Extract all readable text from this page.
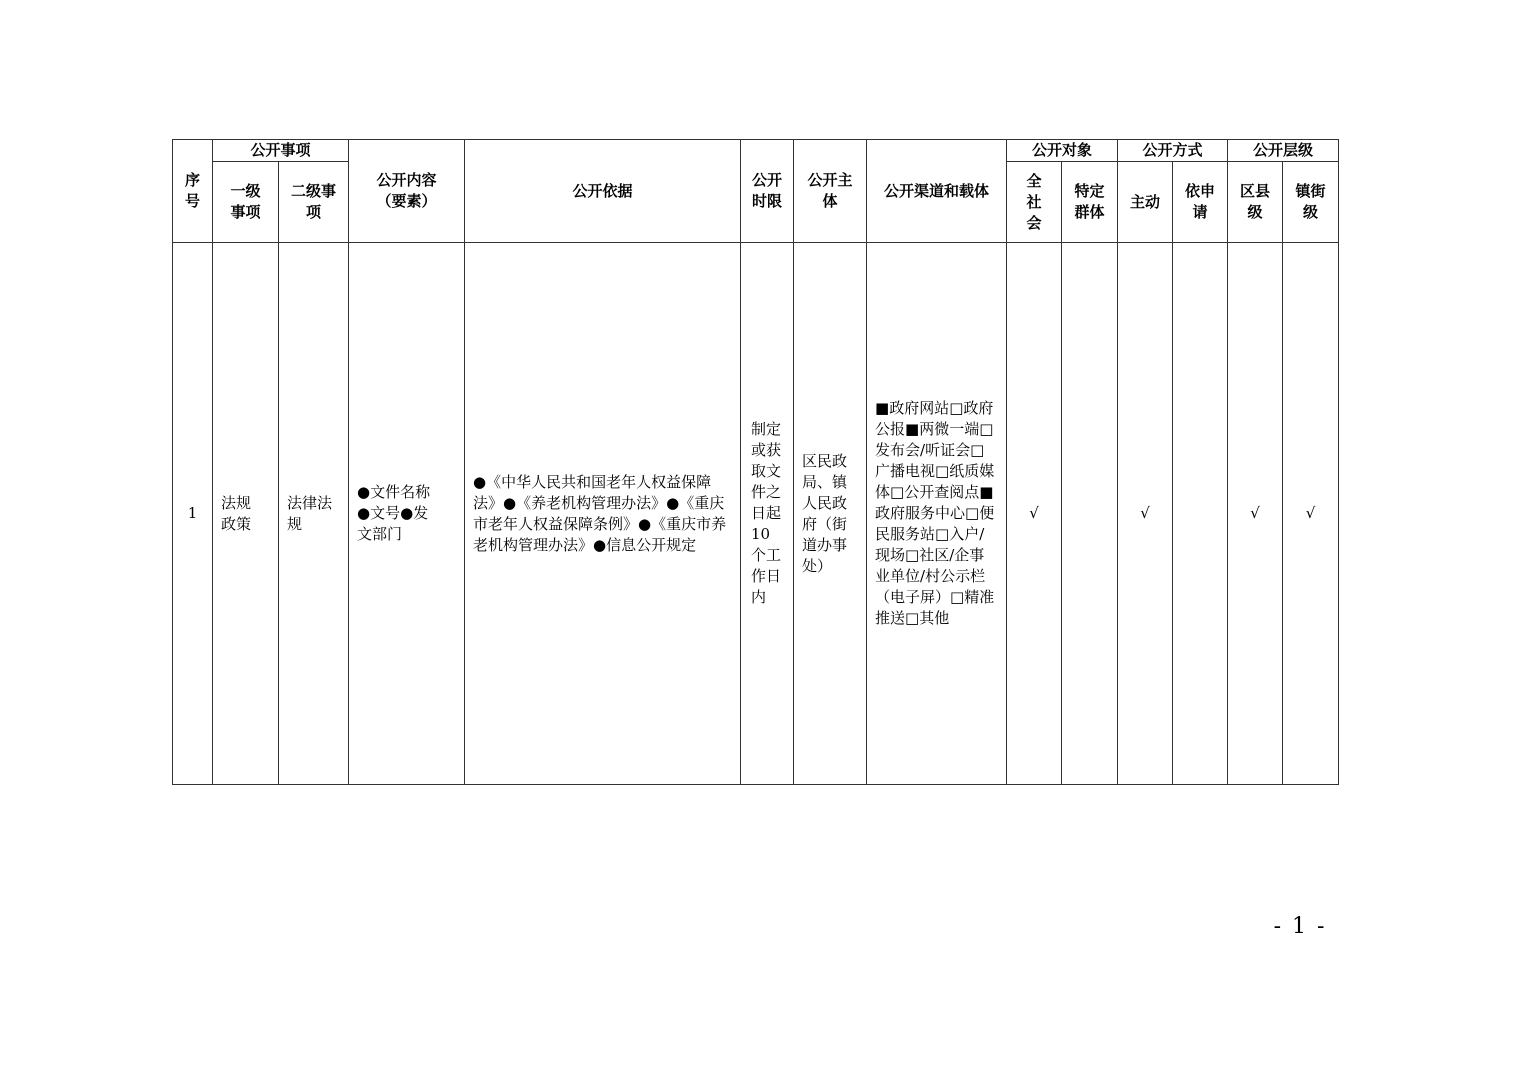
序号	公开事项		公开内容（要素）	公开依据	公开时限	公开主体	公开渠道和载体	公开对象		公开方式		公开层级	

	一级事项	二级事项						全社会	特定群体	主动	依申请	区县级	镇街级

1	法规政策	法律法规	●文件名称●文号●发文部门	●《中华人民共和国老年人权益保障法》●《养老机构管理办法》●《重庆市老年人权益保障条例》●《重庆市养老机构管理办法》●信息公开规定	制定或获取文件之日起10个工作日内	区民政局、镇人民政府（街道办事处）	■政府网站□政府公报■两微一端□发布会/听证会□广播电视□纸质媒体□公开查阅点■政府服务中心□便民服务站□入户/现场□社区/企事业单位/村公示栏（电子屏）□精准推送□其他	√		√		√	√
- 1 -
